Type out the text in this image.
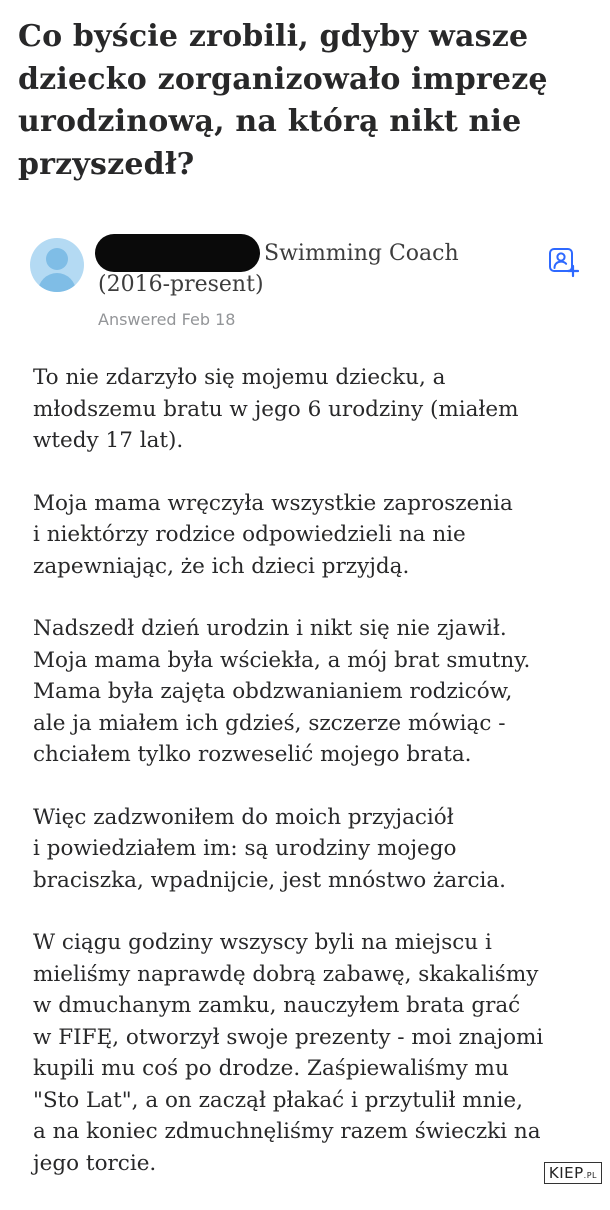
Co byście zrobili, gdyby wasze dziecko zorganizowało imprezę urodzinową, na którą nikt nie przyszedł?
Swimming Coach (2016-present)
Answered Feb 18

To nie zdarzyło się mojemu dziecku, a
młodszemu bratu w jego 6 urodziny (miałem
wtedy 17 lat).

Moja mama wręczyła wszystkie zaproszenia
i niektórzy rodzice odpowiedzieli na nie
zapewniając, że ich dzieci przyjdą.

Nadszedł dzień urodzin i nikt się nie zjawił.
Moja mama była wściekła, a mój brat smutny.
Mama była zajęta obdzwanianiem rodziców,
ale ja miałem ich gdzieś, szczerze mówiąc -
chciałem tylko rozweselić mojego brata.

Więc zadzwoniłem do moich przyjaciół
i powiedziałem im: są urodziny mojego
braciszka, wpadnijcie, jest mnóstwo żarcia.

W ciągu godziny wszyscy byli na miejscu i
mieliśmy naprawdę dobrą zabawę, skakaliśmy
w dmuchanym zamku, nauczyłem brata grać
w FIFĘ, otworzył swoje prezenty - moi znajomi
kupili mu coś po drodze. Zaśpiewaliśmy mu
"Sto Lat", a on zaczął płakać i przytulił mnie,
a na koniec zdmuchnęliśmy razem świeczki na
jego torcie.	KIEP.PL
